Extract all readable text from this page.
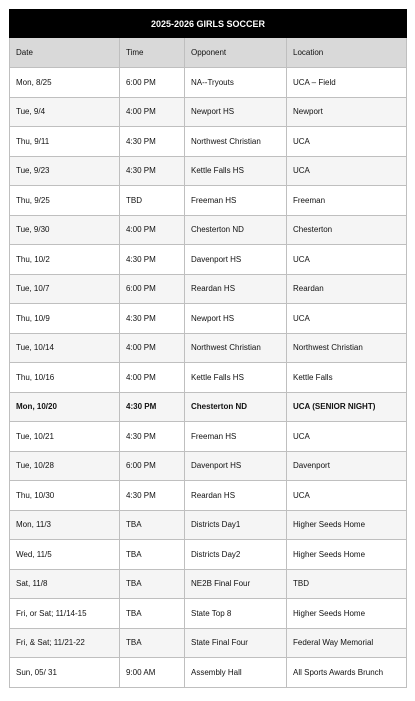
2025-2026 GIRLS SOCCER			
Date	Time	Opponent	Location
Mon, 8/25	6:00 PM	NA--Tryouts	UCA – Field
Tue, 9/4	4:00 PM	Newport HS	Newport
Thu, 9/11	4:30 PM	Northwest Christian	UCA
Tue, 9/23	4:30 PM	Kettle Falls HS	UCA
Thu, 9/25	TBD	Freeman HS	Freeman
Tue, 9/30	4:00 PM	Chesterton ND	Chesterton
Thu, 10/2	4:30 PM	Davenport HS	UCA
Tue, 10/7	6:00 PM	Reardan HS	Reardan
Thu, 10/9	4:30 PM	Newport HS	UCA
Tue, 10/14	4:00 PM	Northwest Christian	Northwest Christian
Thu, 10/16	4:00 PM	Kettle Falls HS	Kettle Falls
Mon, 10/20	4:30 PM	Chesterton ND	UCA (SENIOR NIGHT)
Tue, 10/21	4:30 PM	Freeman HS	UCA
Tue, 10/28	6:00 PM	Davenport HS	Davenport
Thu, 10/30	4:30 PM	Reardan HS	UCA
Mon, 11/3	TBA	Districts Day1	Higher Seeds Home
Wed, 11/5	TBA	Districts Day2	Higher Seeds Home
Sat, 11/8	TBA	NE2B Final Four	TBD
Fri, or Sat; 11/14-15	TBA	State Top 8	Higher Seeds Home
Fri, & Sat; 11/21-22	TBA	State Final Four	Federal Way Memorial
Sun, 05/ 31	9:00 AM	Assembly Hall	All Sports Awards Brunch
